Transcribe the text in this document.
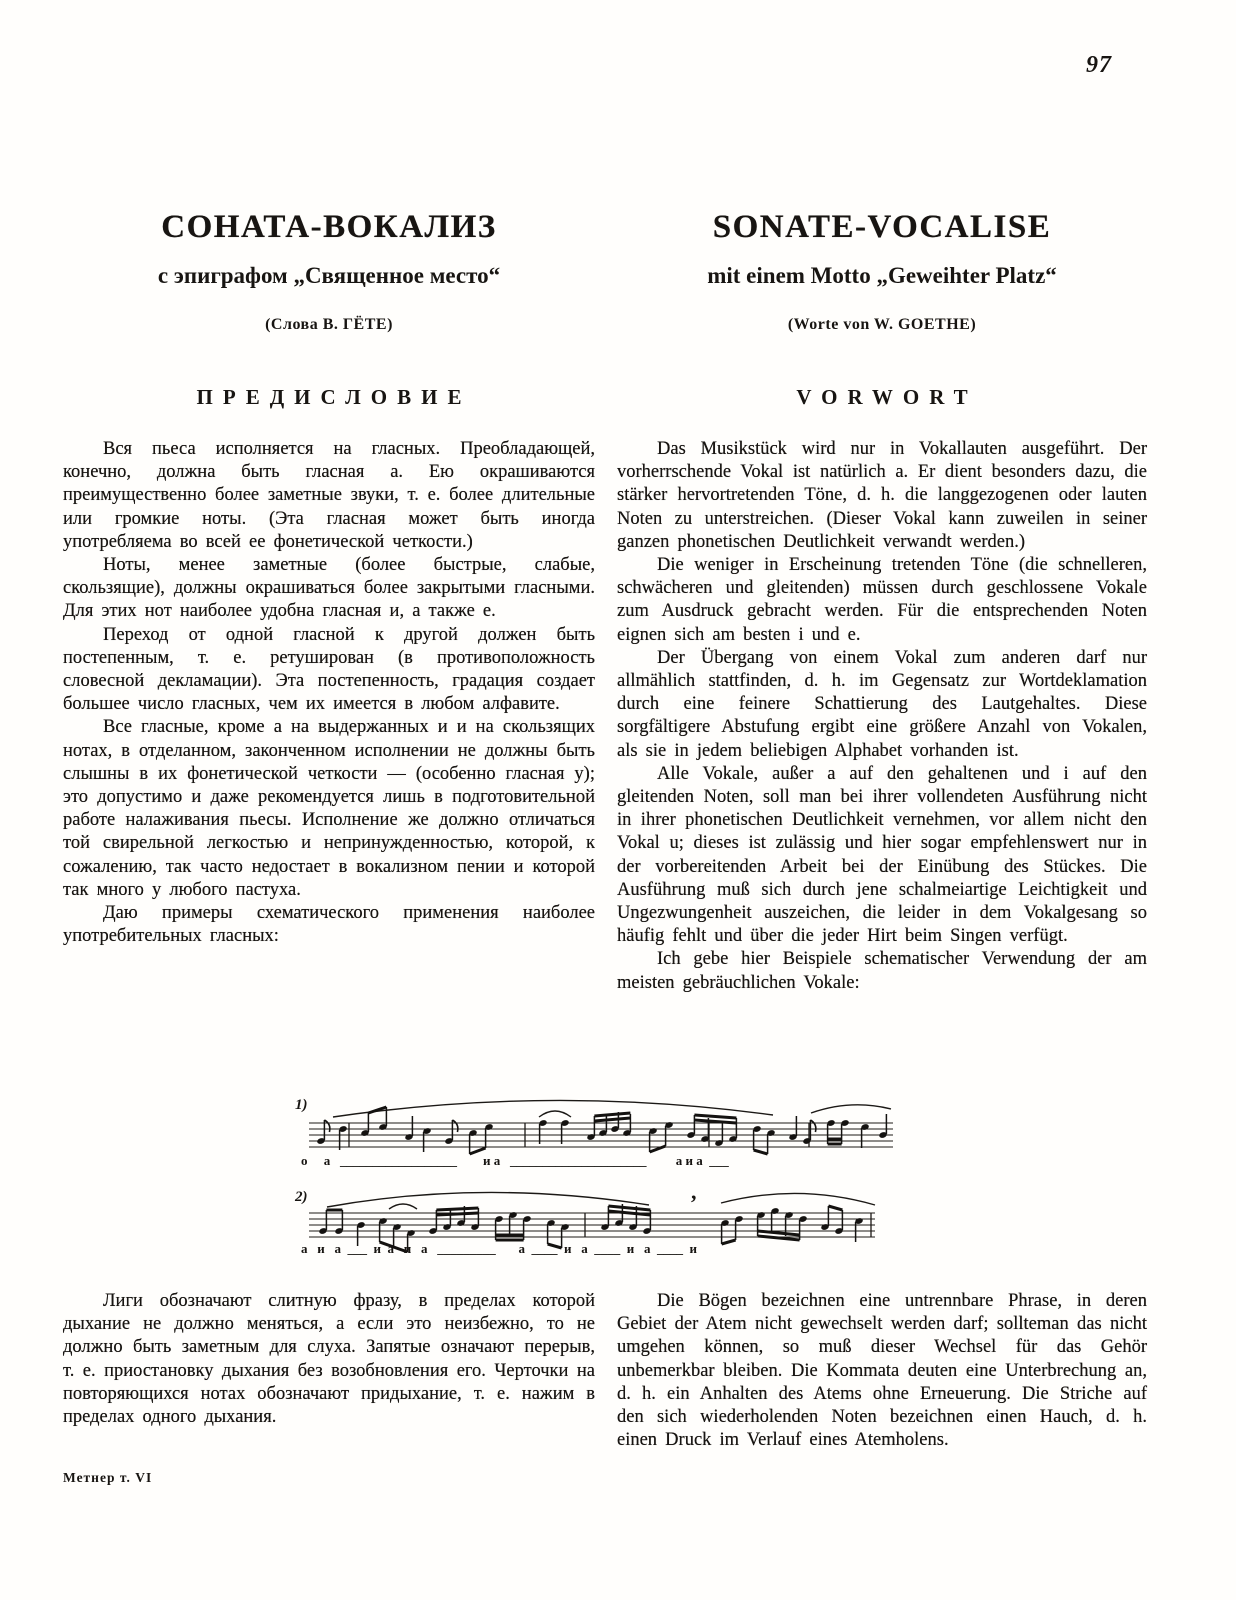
97
СОНАТА-ВОКАЛИЗ
с эпиграфом „Священное место“
(Слова В. ГЁТЕ)
SONATE-VOCALISE
mit einem Motto „Geweihter Platz“
(Worte von W. GOETHE)
ПРЕДИСЛОВИЕ	VORWORT

Вся пьеса исполняется на гласных. Преобладающей, конечно, должна быть гласная а. Ею окрашиваются преимущественно более заметные звуки, т. е. более длительные или громкие ноты. (Эта гласная может быть иногда употребляема во всей ее фонетической четкости.)

Ноты, менее заметные (более быстрые, слабые, скользящие), должны окрашиваться более закрытыми гласными. Для этих нот наиболее удобна гласная и, а также е.

Переход от одной гласной к другой должен быть постепенным, т. е. ретуширован (в противоположность словесной декламации). Эта постепенность, градация создает большее число гласных, чем их имеется в любом алфавите.

Все гласные, кроме а на выдержанных и и на скользящих нотах, в отделанном, законченном исполнении не должны быть слышны в их фонетической четкости — (особенно гласная у); это допустимо и даже рекомендуется лишь в подготовительной работе налаживания пьесы. Исполнение же должно отличаться той свирельной легкостью и непринужденностью, которой, к сожалению, так часто недостает в вокализном пении и которой так много у любого пастуха.

Даю примеры схематического применения наиболее употребительных гласных:

Das Musikstück wird nur in Vokallauten ausgeführt. Der vorherrschende Vokal ist natürlich a. Er dient besonders dazu, die stärker hervortretenden Töne, d. h. die langgezogenen oder lauten Noten zu unterstreichen. (Dieser Vokal kann zuweilen in seiner ganzen phonetischen Deutlichkeit verwandt werden.)

Die weniger in Erscheinung tretenden Töne (die schnelleren, schwächeren und gleitenden) müssen durch geschlossene Vokale zum Ausdruck gebracht werden. Für die entsprechenden Noten eignen sich am besten i und e.

Der Übergang von einem Vokal zum anderen darf nur allmählich stattfinden, d. h. im Gegensatz zur Wortdeklamation durch eine feinere Schattierung des Lautgehaltes. Diese sorgfältigere Abstufung ergibt eine größere Anzahl von Vokalen, als sie in jedem beliebigen Alphabet vorhanden ist.

Alle Vokale, außer a auf den gehaltenen und i auf den gleitenden Noten, soll man bei ihrer vollendeten Ausführung nicht in ihrer phonetischen Deutlichkeit vernehmen, vor allem nicht den Vokal u; dieses ist zulässig und hier sogar empfehlenswert nur in der vorbereitenden Arbeit bei der Einübung des Stückes. Die Ausführung muß sich durch jene schalmeiartige Leichtigkeit und Ungezwungenheit auszeichen, die leider in dem Vokalgesang so häufig fehlt und über die jeder Hirt beim Singen verfügt.

Ich gebe hier Beispiele schematischer Verwendung der am meisten gebräuchlichen Vokale:

1)
о     а   __________________        и а   _____________________         а и а  ___
2)	,
а   и   а  ___  и  а   и   а   _________       а  ____  и   а  ____  и   а  ____  и

Лиги обозначают слитную фразу, в пределах которой дыхание не должно меняться, а если это неизбежно, то не должно быть заметным для слуха. Запятые означают перерыв, т. е. приостановку дыхания без возобновления его. Черточки на повторяющихся нотах обозначают придыхание, т. е. нажим в пределах одного дыхания.

Die Bögen bezeichnen eine untrennbare Phrase, in deren Gebiet der Atem nicht gewechselt werden darf; sollteman das nicht umgehen können, so muß dieser Wechsel für das Gehör unbemerkbar bleiben. Die Kommata deuten eine Unterbrechung an, d. h. ein Anhalten des Atems ohne Erneuerung. Die Striche auf den sich wiederholenden Noten bezeichnen einen Hauch, d. h. einen Druck im Verlauf eines Atemholens.

Метнер т. VI
